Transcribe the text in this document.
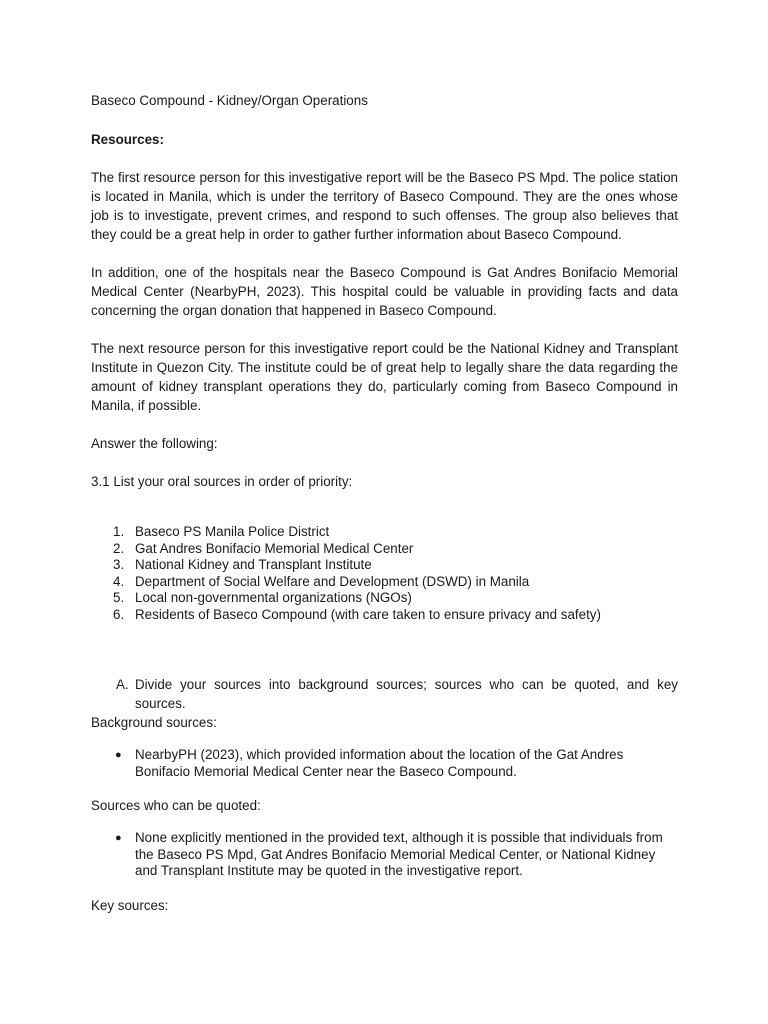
Baseco Compound - Kidney/Organ Operations

Resources:

The first resource person for this investigative report will be the Baseco PS Mpd. The police station is located in Manila, which is under the territory of Baseco Compound. They are the ones whose job is to investigate, prevent crimes, and respond to such offenses. The group also believes that they could be a great help in order to gather further information about Baseco Compound.

In addition, one of the hospitals near the Baseco Compound is Gat Andres Bonifacio Memorial Medical Center (NearbyPH, 2023). This hospital could be valuable in providing facts and data concerning the organ donation that happened in Baseco Compound.

The next resource person for this investigative report could be the National Kidney and Transplant Institute in Quezon City. The institute could be of great help to legally share the data regarding the amount of kidney transplant operations they do, particularly coming from Baseco Compound in Manila, if possible.

Answer the following:

3.1 List your oral sources in order of priority:

1. Baseco PS Manila Police District
2. Gat Andres Bonifacio Memorial Medical Center
3. National Kidney and Transplant Institute
4. Department of Social Welfare and Development (DSWD) in Manila
5. Local non-governmental organizations (NGOs)
6. Residents of Baseco Compound (with care taken to ensure privacy and safety)
A. Divide your sources into background sources; sources who can be quoted, and key sources.

Background sources:

● NearbyPH (2023), which provided information about the location of the Gat Andres Bonifacio Memorial Medical Center near the Baseco Compound.

Sources who can be quoted:

● None explicitly mentioned in the provided text, although it is possible that individuals from the Baseco PS Mpd, Gat Andres Bonifacio Memorial Medical Center, or National Kidney and Transplant Institute may be quoted in the investigative report.

Key sources:
